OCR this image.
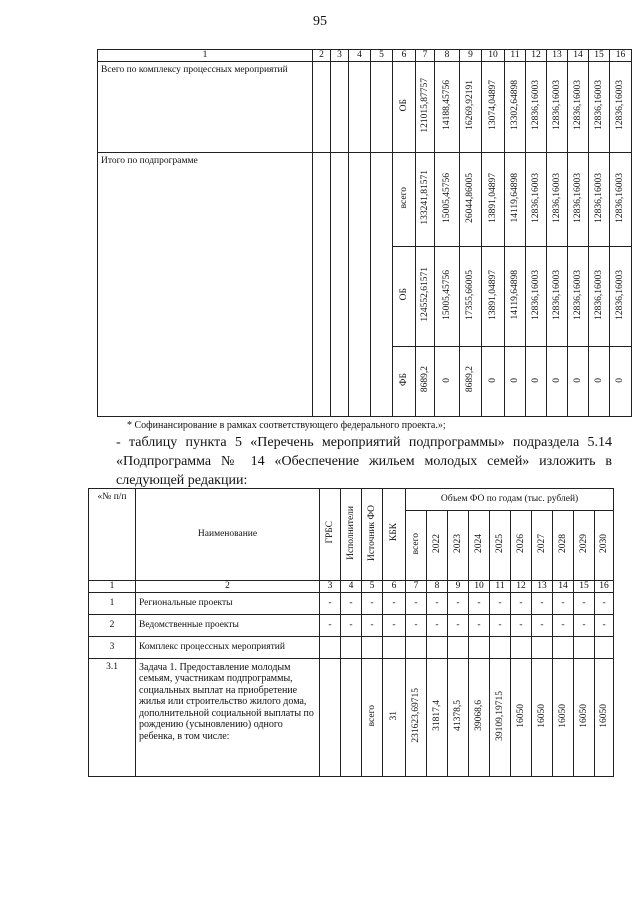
95
1	2	3	4	5	6	7	8	9	10	11	12	13	14	15	16
Всего по комплексу процессных мероприятий					ОБ	121015,87757	14188,45756	16269,92191	13074,04897	13302,64898	12836,16003	12836,16003	12836,16003	12836,16003	12836,16003
Итого по подпрограмме					всего	133241,81571	15005,45756	26044,86005	13891,04897	14119,64898	12836,16003	12836,16003	12836,16003	12836,16003	12836,16003
					ОБ	124552,61571	15005,45756	17355,66005	13891,04897	14119,64898	12836,16003	12836,16003	12836,16003	12836,16003	12836,16003
					ФБ	8689,2	0	8689,2	0	0	0	0	0	0	0
* Софинансирование в рамках соответствующего федерального проекта.»;
- таблицу пункта 5 «Перечень мероприятий подпрограммы» подраздела 5.14 «Подпрограмма № 14 «Обеспечение жильем молодых семей» изложить в следующей редакции:
«№ п/п	Наименование	ГРБС	Исполнители	Источник ФО	КБК	Объем ФО по годам (тыс. рублей)									
						всего	2022	2023	2024	2025	2026	2027	2028	2029	2030
1	2	3	4	5	6	7	8	9	10	11	12	13	14	15	16
1	Региональные проекты	-	-	-	-	-	-	-	-	-	-	-	-	-	-
2	Ведомственные проекты	-	-	-	-	-	-	-	-	-	-	-	-	-	-
3	Комплекс процессных мероприятий														
3.1	Задача 1. Предоставление молодым семьям, участникам подпрограммы, социальных выплат на приобретение жилья или строительство жилого дома, дополнительной социальной выплаты по рождению (усыновлению) одного ребенка, в том числе:			всего	31	231623,69715	31817,4	41378,5	39068,6	39109,19715	16050	16050	16050	16050	16050
